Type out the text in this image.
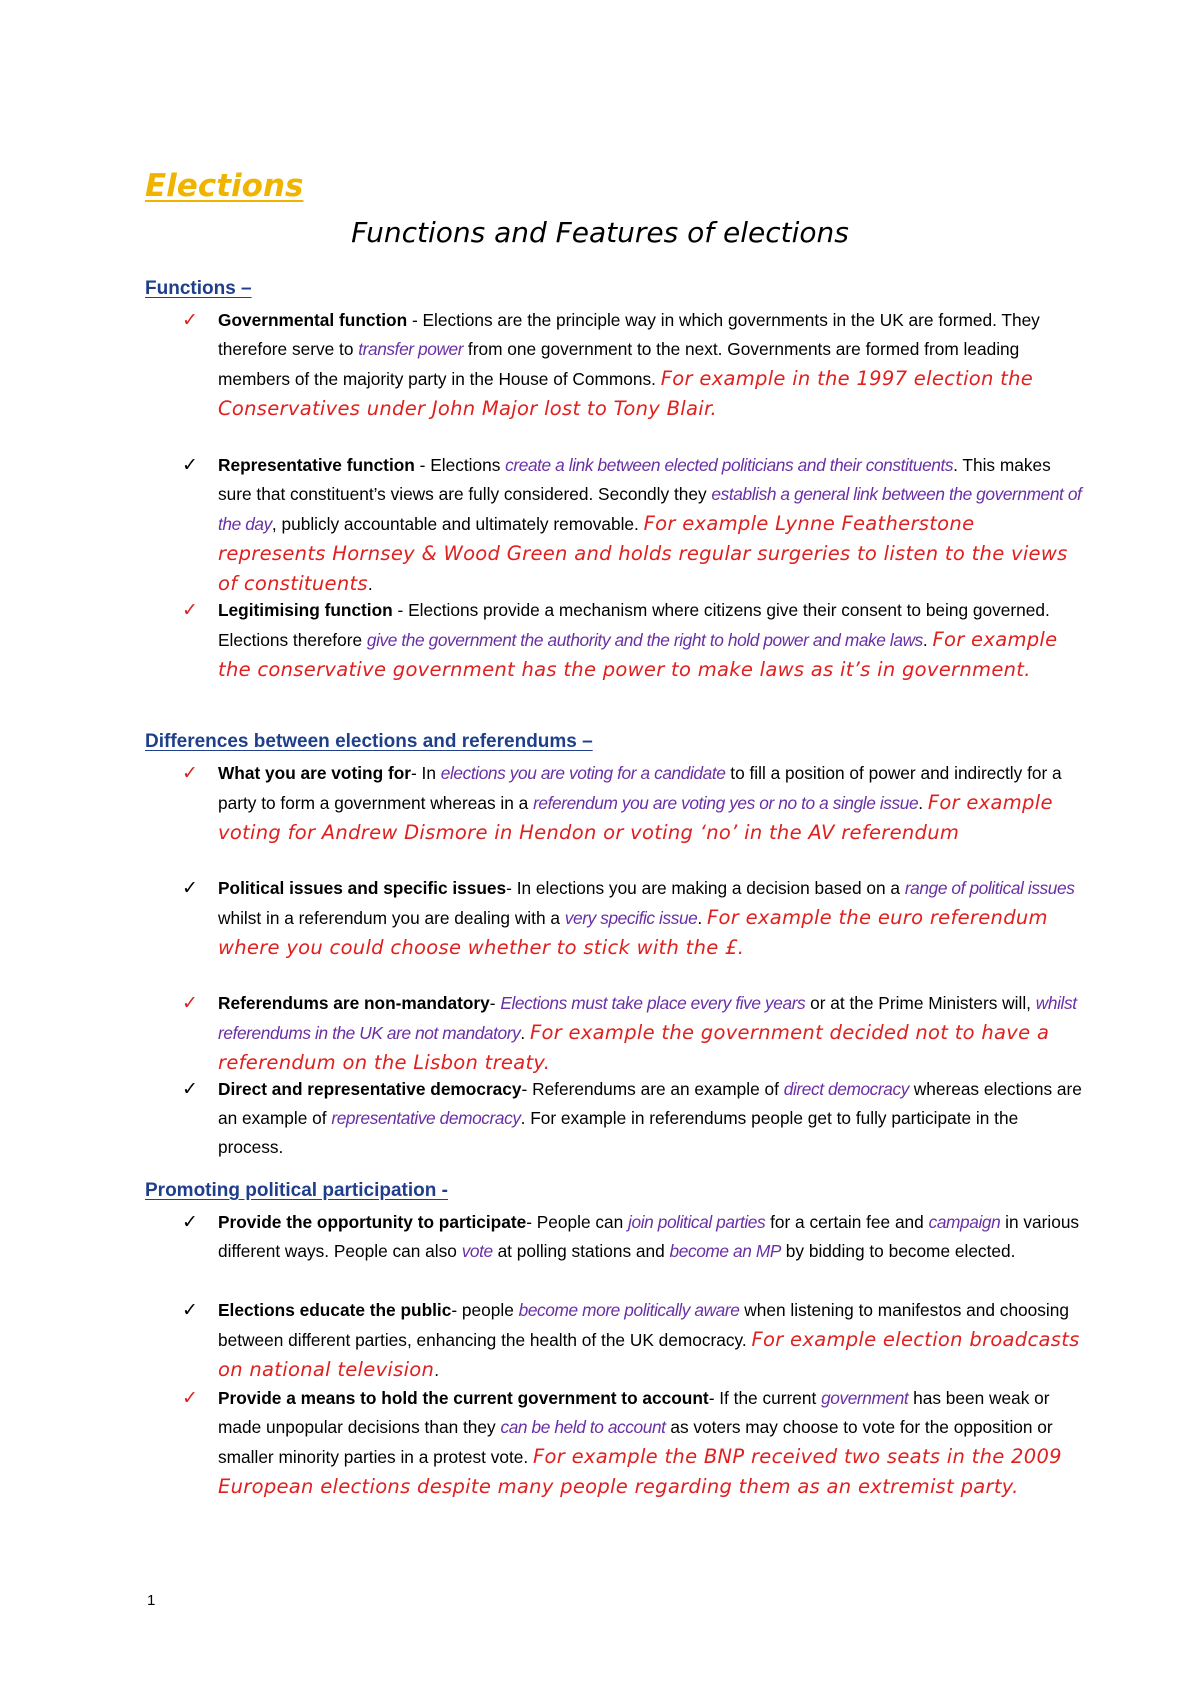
Elections
Functions and Features of elections
Functions –
✓ Governmental function - Elections are the principle way in which governments in the UK are formed. They therefore serve to transfer power from one government to the next. Governments are formed from leading members of the majority party in the House of Commons. For example in the 1997 election the Conservatives under John Major lost to Tony Blair.
✓ Representative function - Elections create a link between elected politicians and their constituents. This makes sure that constituent’s views are fully considered. Secondly they establish a general link between the government of the day, publicly accountable and ultimately removable. For example Lynne Featherstone represents Hornsey & Wood Green and holds regular surgeries to listen to the views of constituents.
✓ Legitimising function - Elections provide a mechanism where citizens give their consent to being governed. Elections therefore give the government the authority and the right to hold power and make laws. For example the conservative government has the power to make laws as it’s in government.
Differences between elections and referendums –
✓ What you are voting for- In elections you are voting for a candidate to fill a position of power and indirectly for a party to form a government whereas in a referendum you are voting yes or no to a single issue. For example voting for Andrew Dismore in Hendon or voting ‘no’ in the AV referendum
✓ Political issues and specific issues- In elections you are making a decision based on a range of political issues whilst in a referendum you are dealing with a very specific issue. For example the euro referendum where you could choose whether to stick with the £.
✓ Referendums are non-mandatory- Elections must take place every five years or at the Prime Ministers will, whilst referendums in the UK are not mandatory. For example the government decided not to have a referendum on the Lisbon treaty.
✓ Direct and representative democracy- Referendums are an example of direct democracy whereas elections are an example of representative democracy. For example in referendums people get to fully participate in the process.
Promoting political participation -
✓ Provide the opportunity to participate- People can join political parties for a certain fee and campaign in various different ways. People can also vote at polling stations and become an MP by bidding to become elected.
✓ Elections educate the public- people become more politically aware when listening to manifestos and choosing between different parties, enhancing the health of the UK democracy. For example election broadcasts on national television.
✓ Provide a means to hold the current government to account- If the current government has been weak or made unpopular decisions than they can be held to account as voters may choose to vote for the opposition or smaller minority parties in a protest vote. For example the BNP received two seats in the 2009 European elections despite many people regarding them as an extremist party.
1
